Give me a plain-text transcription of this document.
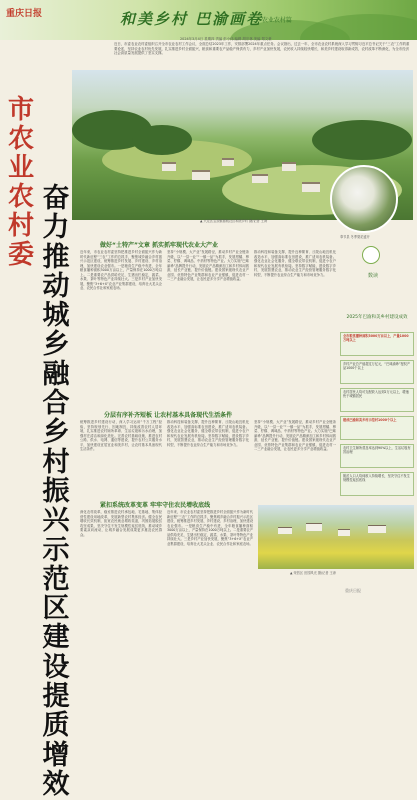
重庆日报	和美乡村 巴渝画卷
· 农业农村篇
2024年3月4日 星期四 责编 彭小伟 编辑 胡宗林 美编 郑文豪
近日，市委农业农村委组织召开全市农业农村工作会议，全面总结2023年工作，安排部署2024年重点任务。会议指出，过去一年，全市农业农村系统深入学习贯彻习近平总书记关于“三农”工作的重要论述，坚持农业农村优先发展，扎实推进乡村全面振兴，粮食和重要农产品稳产保供有力，乡村产业加快发展，农民收入持续较快增长，和美乡村建设取得新成效，农村改革不断深化，为全市经济社会高质量发展提供了坚实支撑。
▲ 大足区宝顶镇慈航社区和美乡村 摄/记者 王涛
奉节县 冬季梨花盛开
市农业农村委
奋力推动城乡融合乡村振兴示范区建设提质增效
做好“土特产”文章 抓实抓牢现代农业大产业
近年来，市农业农村委坚持把推进乡村全面振兴作为新时代新征程“三农”工作的总抓手，聚焦城乡融合乡村振兴示范区建设，统筹推进乡村发展、乡村建设、乡村治理，加快建设农业强市。一是粮食生产稳中有进，全年粮食播种面积3000万亩以上，产量保持在1000万吨以上。二是重要农产品供给充足，生猪出栏稳定，蔬菜、水果、茶叶等特色产业持续壮大。三是乡村产业加快发展，聚焦“3+6+X”农业产业集群建设，培育壮大龙头企业、农民合作社和家庭农场。
坚持“小规模、大产业”发展路径，推动乡村产业全链条升级，以“一县一业”“一镇一品”为抓手，发展柑橘、榨菜、柠檬、调味品、中药材等特色产业。大力实施“巴味渝珍”品牌提升行动，发展农产品精深加工和乡村休闲旅游，延长产业链、提升价值链。建设国家级现代农业产业园、优势特色产业集群和农业产业强镇，促进农村一二三产业融合发展，让农民更多分享产业增值收益。
推动科技和装备支撑，提升良种繁育、丘陵山地宜机化改造水平，加强高标准农田建设，推广适用农机装备。强化农业社会化服务，健全联农带农机制，促进小农户和现代农业发展有机衔接。坚持数字赋能，建设数字乡村，发展智慧农业，推动农业生产经营管理服务数字化转型，不断提升农业综合生产能力和市场竞争力。
分层有序补齐短板 让农村基本具备现代生活条件
统筹推进乡村建设行动，深入学习运用“千万工程”经验，坚持规划先行、因地制宜，持续改善农村人居环境，扎实推进农村厕所革命、生活垃圾和污水治理，加强村庄清洁和绿化美化。完善农村基础设施，推进农村公路、供水、电网、通信等建设，提升农村公共服务水平，加快建设宜居宜业和美乡村，让农村基本具备现代生活条件。
推动科技和装备支撑，提升良种繁育、丘陵山地宜机化改造水平，加强高标准农田建设，推广适用农机装备。强化农业社会化服务，健全联农带农机制，促进小农户和现代农业发展有机衔接。坚持数字赋能，建设数字乡村，发展智慧农业，推动农业生产经营管理服务数字化转型，不断提升农业综合生产能力和市场竞争力。
坚持“小规模、大产业”发展路径，推动乡村产业全链条升级，以“一县一业”“一镇一品”为抓手，发展柑橘、榨菜、柠檬、调味品、中药材等特色产业。大力实施“巴味渝珍”品牌提升行动，发展农产品精深加工和乡村休闲旅游，延长产业链、提升价值链。建设国家级现代农业产业园、优势特色产业集群和农业产业强镇，促进农村一二三产业融合发展，让农民更多分享产业增值收益。
紧扣系统改革变革 牢牢守住农民增收底线
深化农村改革，稳妥推进农村承包地、宅基地、集体经营性建设用地改革，发展新型农村集体经济。健全农民增收长效机制，拓宽农民就业增收渠道，巩固拓展脱贫攻坚成果，坚决守住不发生规模性返贫底线，推动城乡要素双向流动，让城乡融合发展成果更多惠及农民群众。
近年来，市农业农村委坚持把推进乡村全面振兴作为新时代新征程“三农”工作的总抓手，聚焦城乡融合乡村振兴示范区建设，统筹推进乡村发展、乡村建设、乡村治理，加快建设农业强市。一是粮食生产稳中有进，全年粮食播种面积3000万亩以上，产量保持在1000万吨以上。二是重要农产品供给充足，生猪出栏稳定，蔬菜、水果、茶叶等特色产业持续壮大。三是乡村产业加快发展，聚焦“3+6+X”农业产业集群建设，培育壮大龙头企业、农民合作社和家庭农场。
数读
2025年巴渝和美乡村建设成效
全市粮食播种面积3000万亩以上，产量1000万吨以上
乡村产业总产值超过万亿元，“巴味渝珍”授权产品1000个以上
农村居民人均可支配收入达到2万元以上，增速快于城镇居民
建成巴渝和美乡村示范村1000个以上
农村卫生厕所普及率达到90%以上，生活垃圾有效治理
脱贫人口人均纯收入持续增长，坚决守住不发生规模性返贫底线
▲ 荣昌区 田园风光 摄/记者 王涛
重庆日报
